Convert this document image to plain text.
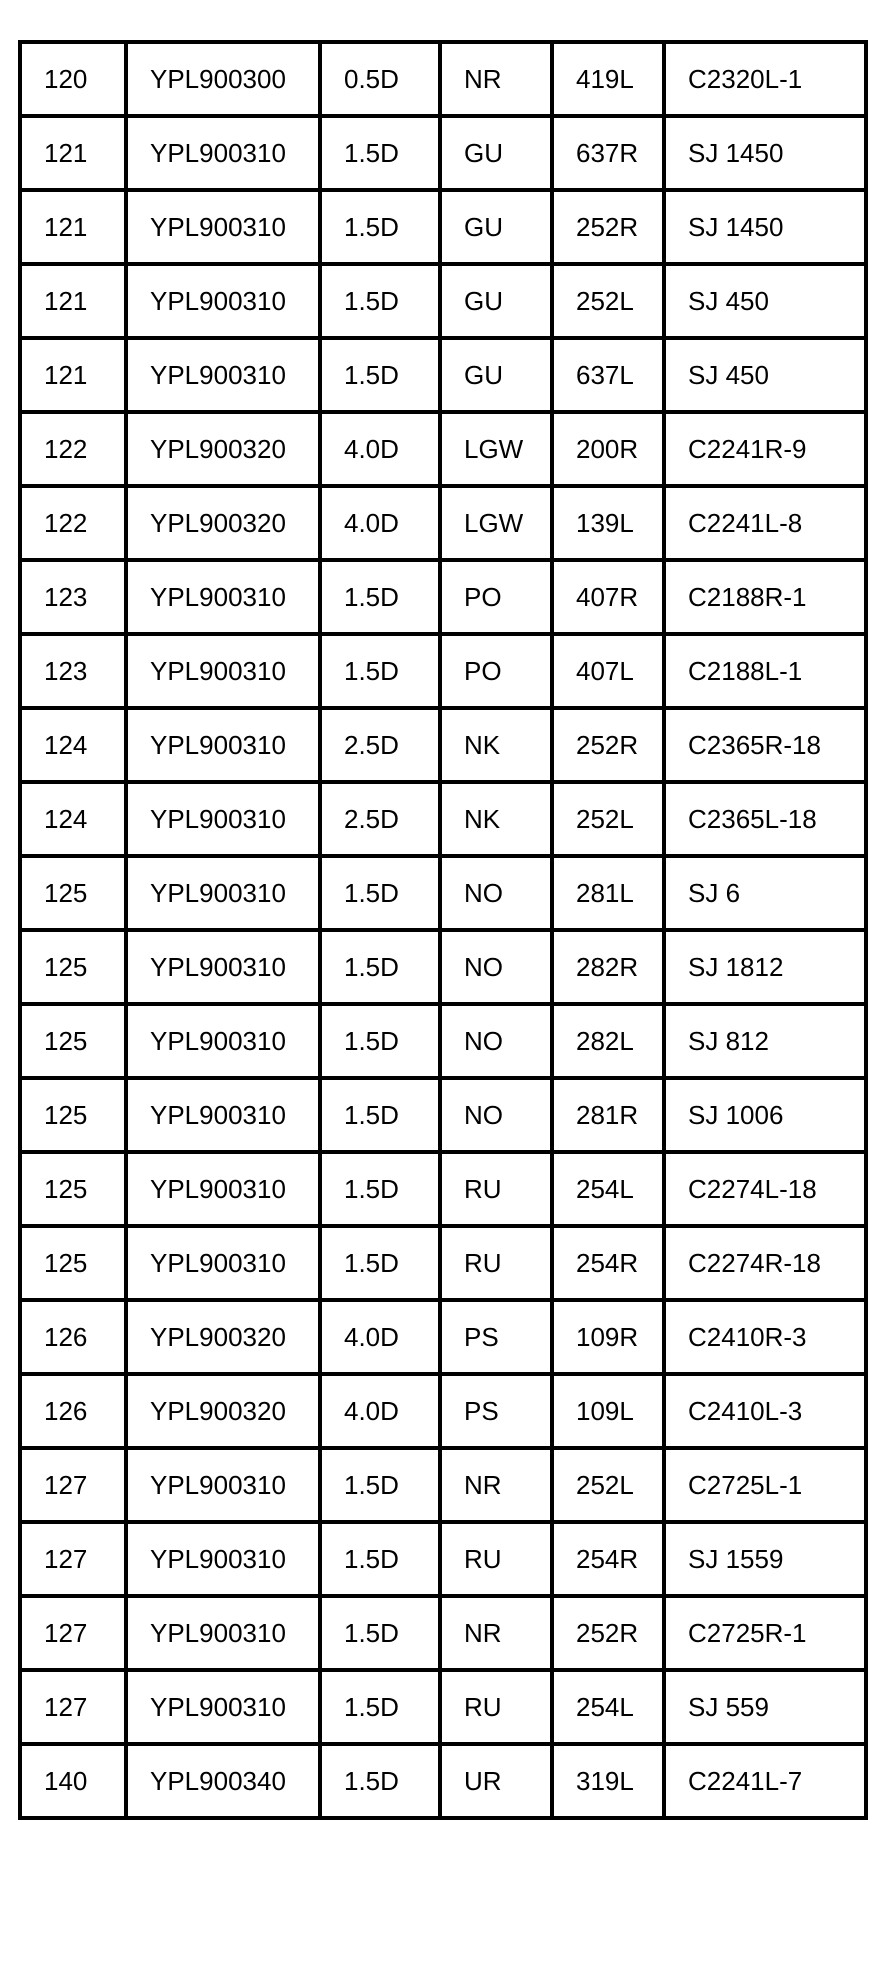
120	YPL900300	0.5D	NR	419L	C2320L-1
121	YPL900310	1.5D	GU	637R	SJ 1450
121	YPL900310	1.5D	GU	252R	SJ 1450
121	YPL900310	1.5D	GU	252L	SJ 450
121	YPL900310	1.5D	GU	637L	SJ 450
122	YPL900320	4.0D	LGW	200R	C2241R-9
122	YPL900320	4.0D	LGW	139L	C2241L-8
123	YPL900310	1.5D	PO	407R	C2188R-1
123	YPL900310	1.5D	PO	407L	C2188L-1
124	YPL900310	2.5D	NK	252R	C2365R-18
124	YPL900310	2.5D	NK	252L	C2365L-18
125	YPL900310	1.5D	NO	281L	SJ 6
125	YPL900310	1.5D	NO	282R	SJ 1812
125	YPL900310	1.5D	NO	282L	SJ 812
125	YPL900310	1.5D	NO	281R	SJ 1006
125	YPL900310	1.5D	RU	254L	C2274L-18
125	YPL900310	1.5D	RU	254R	C2274R-18
126	YPL900320	4.0D	PS	109R	C2410R-3
126	YPL900320	4.0D	PS	109L	C2410L-3
127	YPL900310	1.5D	NR	252L	C2725L-1
127	YPL900310	1.5D	RU	254R	SJ 1559
127	YPL900310	1.5D	NR	252R	C2725R-1
127	YPL900310	1.5D	RU	254L	SJ 559
140	YPL900340	1.5D	UR	319L	C2241L-7
